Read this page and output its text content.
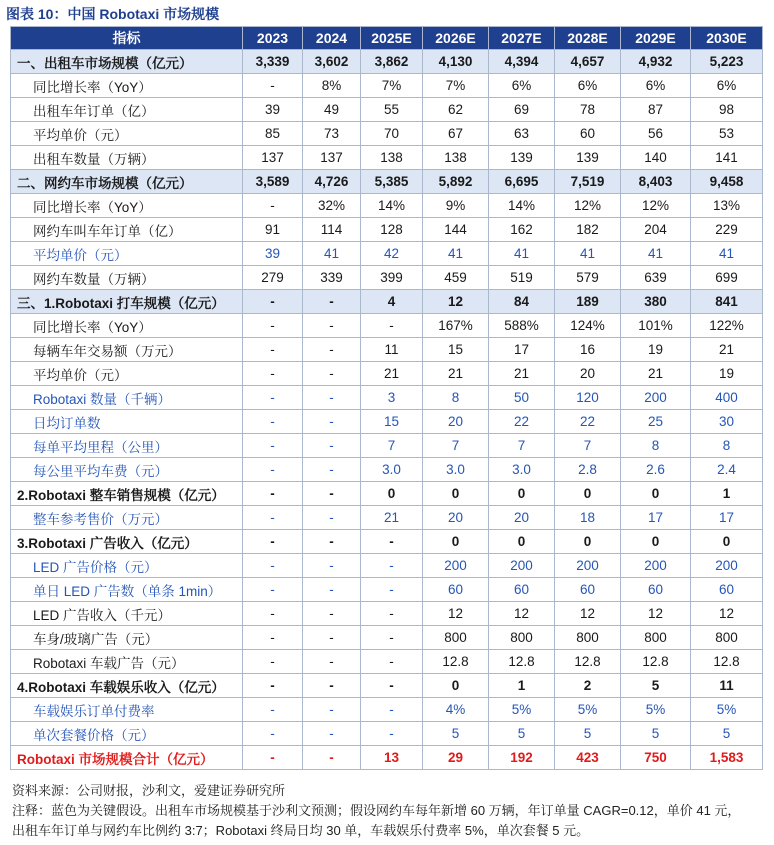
图表 10：中国 Robotaxi 市场规模
指标	2023	2024	2025E	2026E	2027E	2028E	2029E	2030E
一、出租车市场规模（亿元）	3,339	3,602	3,862	4,130	4,394	4,657	4,932	5,223
同比增长率（YoY）	-	8%	7%	7%	6%	6%	6%	6%
出租车年订单（亿）	39	49	55	62	69	78	87	98
平均单价（元）	85	73	70	67	63	60	56	53
出租车数量（万辆）	137	137	138	138	139	139	140	141
二、网约车市场规模（亿元）	3,589	4,726	5,385	5,892	6,695	7,519	8,403	9,458
同比增长率（YoY）	-	32%	14%	9%	14%	12%	12%	13%
网约车叫车年订单（亿）	91	114	128	144	162	182	204	229
平均单价（元）	39	41	42	41	41	41	41	41
网约车数量（万辆）	279	339	399	459	519	579	639	699
三、1.Robotaxi 打车规模（亿元）	-	-	4	12	84	189	380	841
同比增长率（YoY）	-	-	-	167%	588%	124%	101%	122%
每辆车年交易额（万元）	-	-	11	15	17	16	19	21
平均单价（元）	-	-	21	21	21	20	21	19
Robotaxi 数量（千辆）	-	-	3	8	50	120	200	400
日均订单数	-	-	15	20	22	22	25	30
每单平均里程（公里）	-	-	7	7	7	7	8	8
每公里平均车费（元）	-	-	3.0	3.0	3.0	2.8	2.6	2.4
2.Robotaxi 整车销售规模（亿元）	-	-	0	0	0	0	0	1
整车参考售价（万元）	-	-	21	20	20	18	17	17
3.Robotaxi 广告收入（亿元）	-	-	-	0	0	0	0	0
LED 广告价格（元）	-	-	-	200	200	200	200	200
单日 LED 广告数（单条 1min）	-	-	-	60	60	60	60	60
LED 广告收入（千元）	-	-	-	12	12	12	12	12
车身/玻璃广告（元）	-	-	-	800	800	800	800	800
Robotaxi 车载广告（元）	-	-	-	12.8	12.8	12.8	12.8	12.8
4.Robotaxi 车载娱乐收入（亿元）	-	-	-	0	1	2	5	11
车载娱乐订单付费率	-	-	-	4%	5%	5%	5%	5%
单次套餐价格（元）	-	-	-	5	5	5	5	5
Robotaxi 市场规模合计（亿元）	-	-	13	29	192	423	750	1,583
资料来源：公司财报，沙利文，爱建证券研究所
注释：蓝色为关键假设。出租车市场规模基于沙利文预测；假设网约车每年新增 60 万辆，年订单量 CAGR=0.12，单价 41 元，
出租车年订单与网约车比例约 3:7；Robotaxi 终局日均 30 单，车载娱乐付费率 5%，单次套餐 5 元。
